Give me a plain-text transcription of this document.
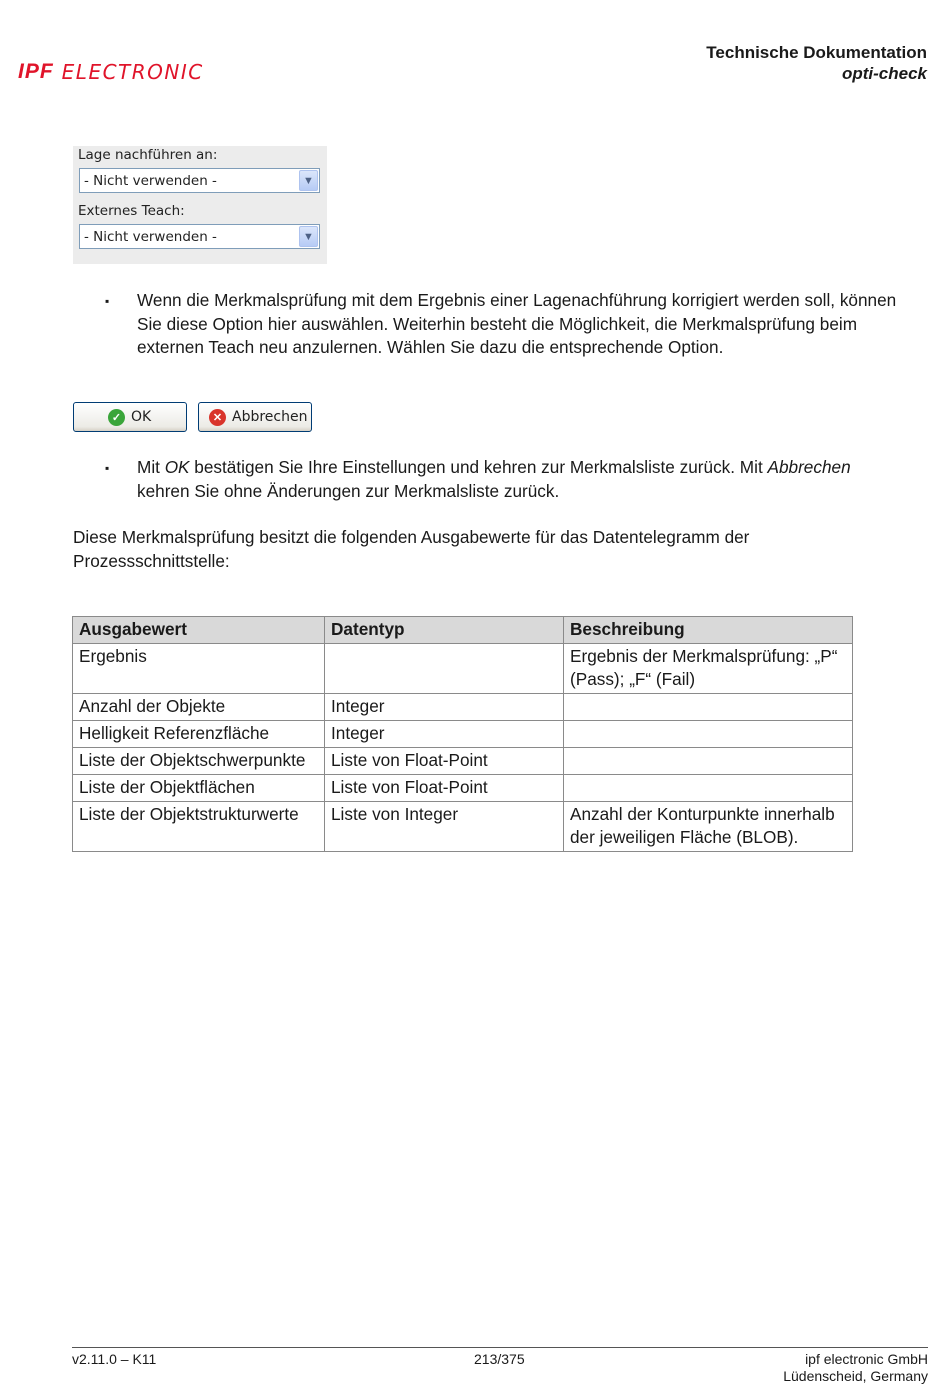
IPF ELECTRONIC
Technische Dokumentation
opti-check
Lage nachführen an:
- Nicht verwenden -	▼
Externes Teach:
- Nicht verwenden -	▼
▪ Wenn die Merkmalsprüfung mit dem Ergebnis einer Lagenachführung korrigiert werden soll, können
Sie diese Option hier auswählen. Weiterhin besteht die Möglichkeit, die Merkmalsprüfung beim
externen Teach neu anzulernen. Wählen Sie dazu die entsprechende Option.
✓ OK	✕ Abbrechen
▪ Mit OK bestätigen Sie Ihre Einstellungen und kehren zur Merkmalsliste zurück. Mit Abbrechen
kehren Sie ohne Änderungen zur Merkmalsliste zurück.
Diese Merkmalsprüfung besitzt die folgenden Ausgabewerte für das Datentelegramm der
Prozessschnittstelle:
Ausgabewert	Datentyp	Beschreibung
Ergebnis		Ergebnis der Merkmalsprüfung: „P“ (Pass); „F“ (Fail)
Anzahl der Objekte	Integer	
Helligkeit Referenzfläche	Integer	
Liste der Objektschwerpunkte	Liste von Float-Point	
Liste der Objektflächen	Liste von Float-Point	
Liste der Objektstrukturwerte	Liste von Integer	Anzahl der Konturpunkte innerhalb der jeweiligen Fläche (BLOB).
v2.11.0 – K11	213/375	ipf electronic GmbH
Lüdenscheid, Germany
